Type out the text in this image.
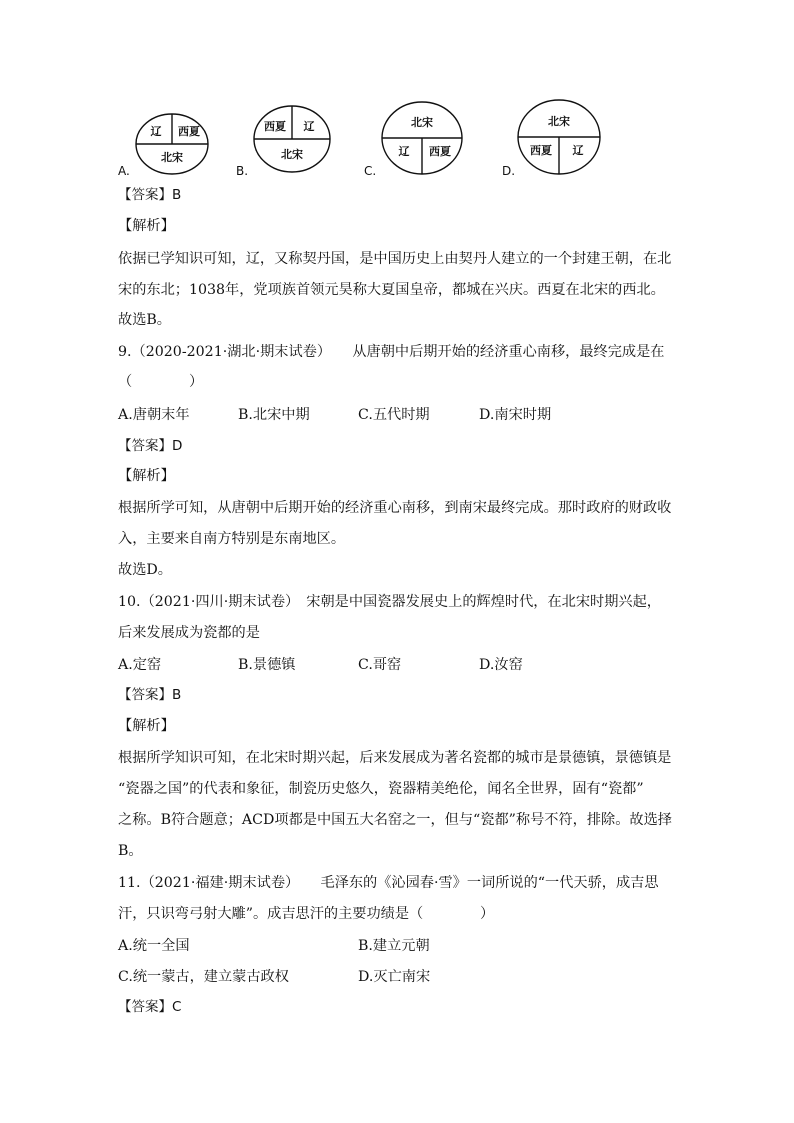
A.
辽 西夏
北宋
B.
西夏 辽
北宋
C.
北宋
辽 西夏
D.
北宋
西夏 辽
【答案】B
【解析】
依据已学知识可知，辽，又称契丹国，是中国历史上由契丹人建立的一个封建王朝，在北
宋的东北；1038年，党项族首领元昊称大夏国皇帝，都城在兴庆。西夏在北宋的西北。
故选B。
9.（2020-2021·湖北·期末试卷）　　从唐朝中后期开始的经济重心南移，最终完成是在
（　　　　）
A.唐朝末年	B.北宋中期	C.五代时期	D.南宋时期
【答案】D
【解析】
根据所学可知，从唐朝中后期开始的经济重心南移，到南宋最终完成。那时政府的财政收
入，主要来自南方特别是东南地区。
故选D。
10.（2021·四川·期末试卷）　宋朝是中国瓷器发展史上的辉煌时代，在北宋时期兴起，
后来发展成为瓷都的是
A.定窑	B.景德镇	C.哥窑	D.汝窑
【答案】B
【解析】
根据所学知识可知，在北宋时期兴起，后来发展成为著名瓷都的城市是景德镇，景德镇是
“瓷器之国”的代表和象征，制瓷历史悠久，瓷器精美绝伦，闻名全世界，固有“瓷都”
之称。B符合题意；ACD项都是中国五大名窑之一，但与“瓷都”称号不符，排除。故选择
B。
11.（2021·福建·期末试卷）　　毛泽东的《沁园春·雪》一词所说的“一代天骄，成吉思
汗，只识弯弓射大雕”。成吉思汗的主要功绩是（　　　　）
A.统一全国	B.建立元朝
C.统一蒙古，建立蒙古政权	D.灭亡南宋
【答案】C
